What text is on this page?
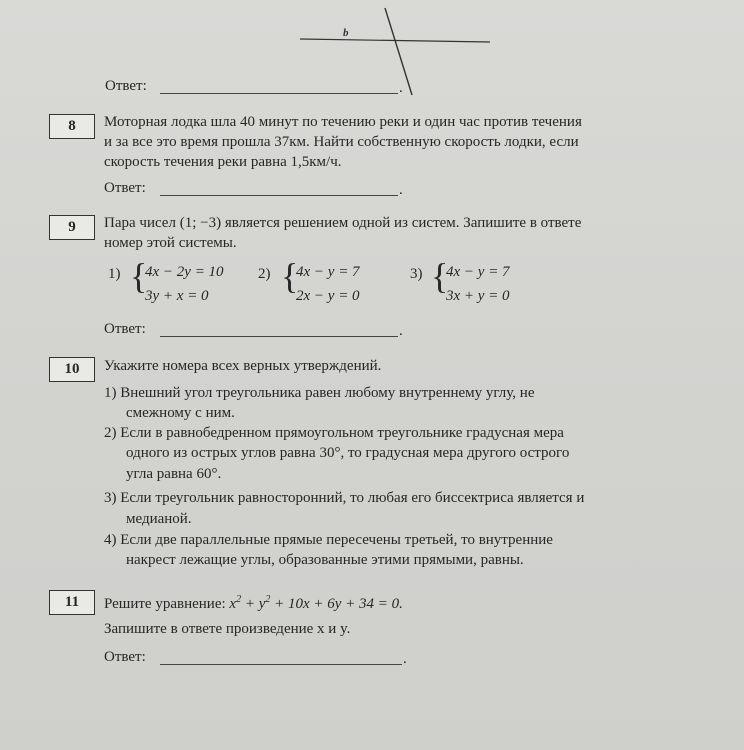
b
Ответ:	.
8	Моторная лодка шла 40 минут по течению реки и один час против течения
и за все это время прошла 37км. Найти собственную скорость лодки, если
скорость течения реки равна 1,5км/ч.
Ответ:	.
9	Пара чисел (1; −3) является решением одной из систем. Запишите в ответе
номер этой системы.
1) {
4x − 2y = 10
3y + x = 0
2) {
4x − y = 7
2x − y = 0
3) {
4x − y = 7
3x + y = 0
Ответ:	.
10	Укажите номера всех верных утверждений.
1) Внешний угол треугольника равен любому внутреннему углу, не
смежному с ним.
2) Если в равнобедренном прямоугольном треугольнике градусная мера
одного из острых углов равна 30°, то градусная мера другого острого
угла равна 60°.
3) Если треугольник равносторонний, то любая его биссектриса является и
медианой.
4) Если две параллельные прямые пересечены третьей, то внутренние
накрест лежащие углы, образованные этими прямыми, равны.
11	Решите уравнение: $x^2 + y^2 + 10x + 6y + 34 = 0$.
Запишите в ответе произведение x и y.
Ответ:	.
